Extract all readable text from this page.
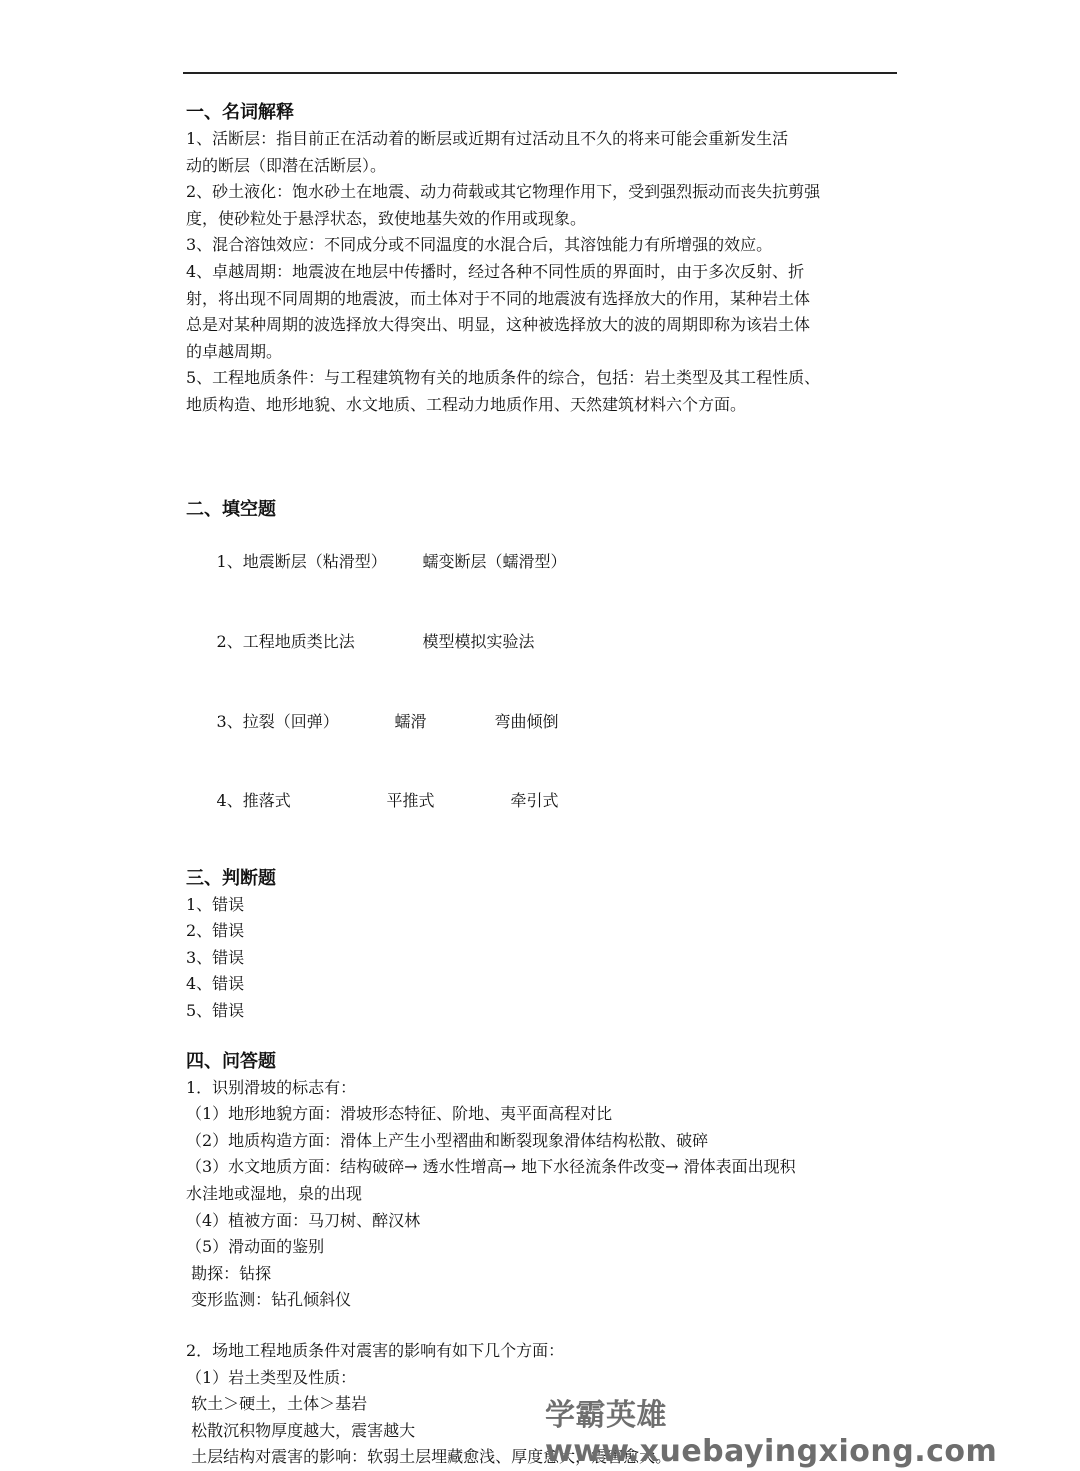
一、名词解释
1、活断层：指目前正在活动着的断层或近期有过活动且不久的将来可能会重新发生活
动的断层（即潜在活断层）。
2、砂土液化：饱水砂土在地震、动力荷载或其它物理作用下，受到强烈振动而丧失抗剪强
度，使砂粒处于悬浮状态，致使地基失效的作用或现象。
3、混合溶蚀效应：不同成分或不同温度的水混合后，其溶蚀能力有所增强的效应。
4、卓越周期：地震波在地层中传播时，经过各种不同性质的界面时，由于多次反射、折
射，将出现不同周期的地震波，而土体对于不同的地震波有选择放大的作用，某种岩土体
总是对某种周期的波选择放大得突出、明显，这种被选择放大的波的周期即称为该岩土体
的卓越周期。
5、工程地质条件：与工程建筑物有关的地质条件的综合，包括：岩土类型及其工程性质、
地质构造、地形地貌、水文地质、工程动力地质作用、天然建筑材料六个方面。
二、填空题

1、地震断层（粘滑型） 蠕变断层（蠕滑型）

2、工程地质类比法	模型模拟实验法

3、拉裂（回弹）	蠕滑	弯曲倾倒

4、推落式	平推式	牵引式

三、判断题
1、错误
2、错误
3、错误
4、错误
5、错误
四、问答题
1．识别滑坡的标志有：
（1）地形地貌方面：滑坡形态特征、阶地、夷平面高程对比
（2）地质构造方面：滑体上产生小型褶曲和断裂现象滑体结构松散、破碎
（3）水文地质方面：结构破碎→ 透水性增高→ 地下水径流条件改变→ 滑体表面出现积
水洼地或湿地，泉的出现
（4）植被方面：马刀树、醉汉林
（5）滑动面的鉴别
勘探：钻探
变形监测：钻孔倾斜仪
2．场地工程地质条件对震害的影响有如下几个方面：
（1）岩土类型及性质：
软土＞硬土，土体＞基岩
松散沉积物厚度越大，震害越大
土层结构对震害的影响：软弱土层埋藏愈浅、厚度愈大，震害愈大。
学霸英雄 www.xuebayingxiong.com
